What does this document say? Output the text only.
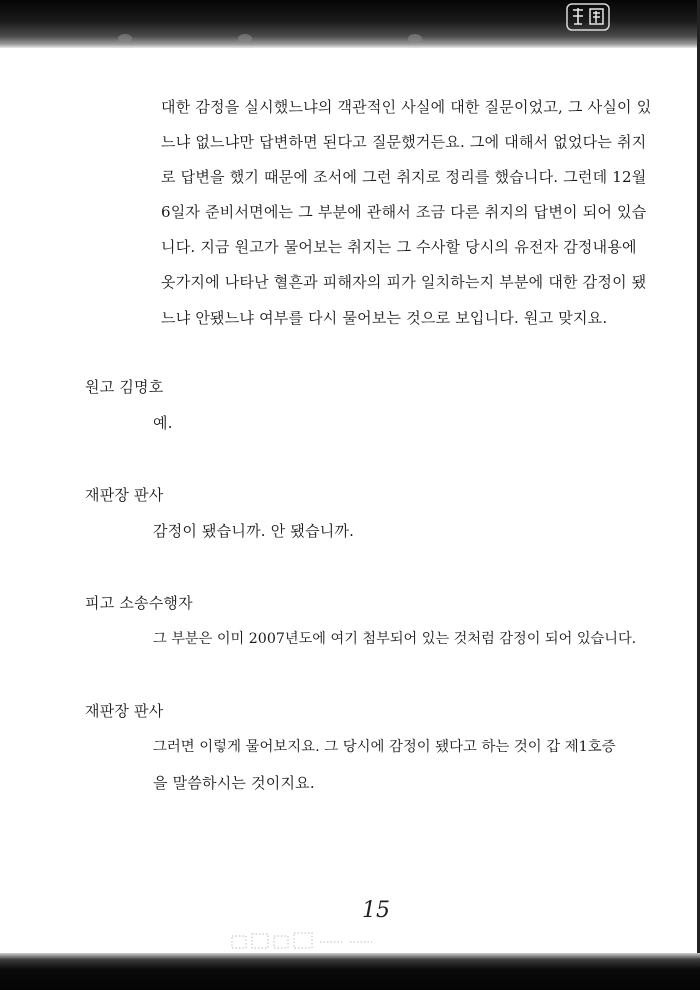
대한 감정을 실시했느냐의 객관적인 사실에 대한 질문이었고, 그 사실이 있
느냐 없느냐만 답변하면 된다고 질문했거든요. 그에 대해서 없었다는 취지
로 답변을 했기 때문에 조서에 그런 취지로 정리를 했습니다. 그런데 12월
6일자 준비서면에는 그 부분에 관해서 조금 다른 취지의 답변이 되어 있습
니다. 지금 원고가 물어보는 취지는 그 수사할 당시의 유전자 감정내용에
옷가지에 나타난 혈흔과 피해자의 피가 일치하는지 부분에 대한 감정이 됐
느냐 안됐느냐 여부를 다시 물어보는 것으로 보입니다. 원고 맞지요.
원고 김명호
예.
재판장 판사
감정이 됐습니까. 안 됐습니까.
피고 소송수행자
그 부분은 이미 2007년도에 여기 첨부되어 있는 것처럼 감정이 되어 있습니다.
재판장 판사
그러면 이렇게 물어보지요. 그 당시에 감정이 됐다고 하는 것이 갑 제1호증
을 말씀하시는 것이지요.
15
